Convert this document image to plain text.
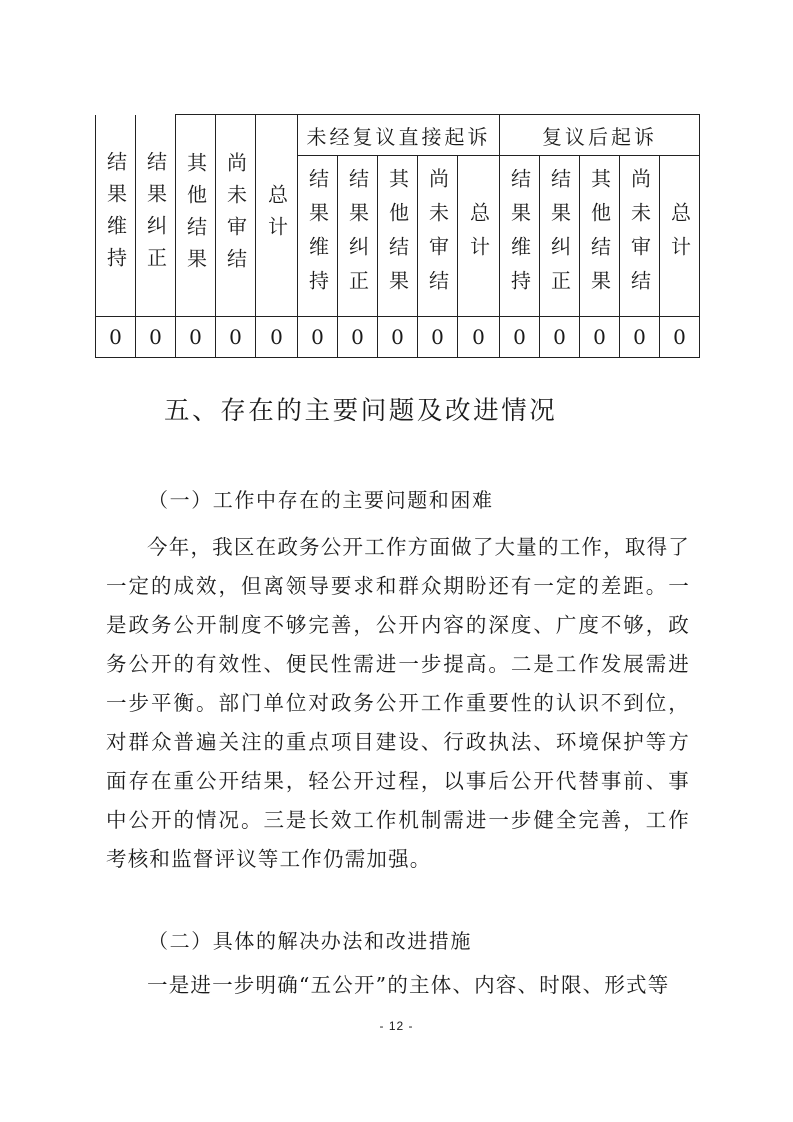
结果维持	结果纠正	其他结果	尚未审结	总计	未经复议直接起诉					复议后起诉				
					结果维持	结果纠正	其他结果	尚未审结	总计	结果维持	结果纠正	其他结果	尚未审结	总计
0	0	0	0	0	0	0	0	0	0	0	0	0	0	0
五、存在的主要问题及改进情况
（一）工作中存在的主要问题和困难

今年，我区在政务公开工作方面做了大量的工作，取得了一定的成效，但离领导要求和群众期盼还有一定的差距。一是政务公开制度不够完善，公开内容的深度、广度不够，政务公开的有效性、便民性需进一步提高。二是工作发展需进一步平衡。部门单位对政务公开工作重要性的认识不到位，对群众普遍关注的重点项目建设、行政执法、环境保护等方面存在重公开结果，轻公开过程，以事后公开代替事前、事中公开的情况。三是长效工作机制需进一步健全完善，工作考核和监督评议等工作仍需加强。

（二）具体的解决办法和改进措施

一是进一步明确“五公开”的主体、内容、时限、形式等

- 12 -
